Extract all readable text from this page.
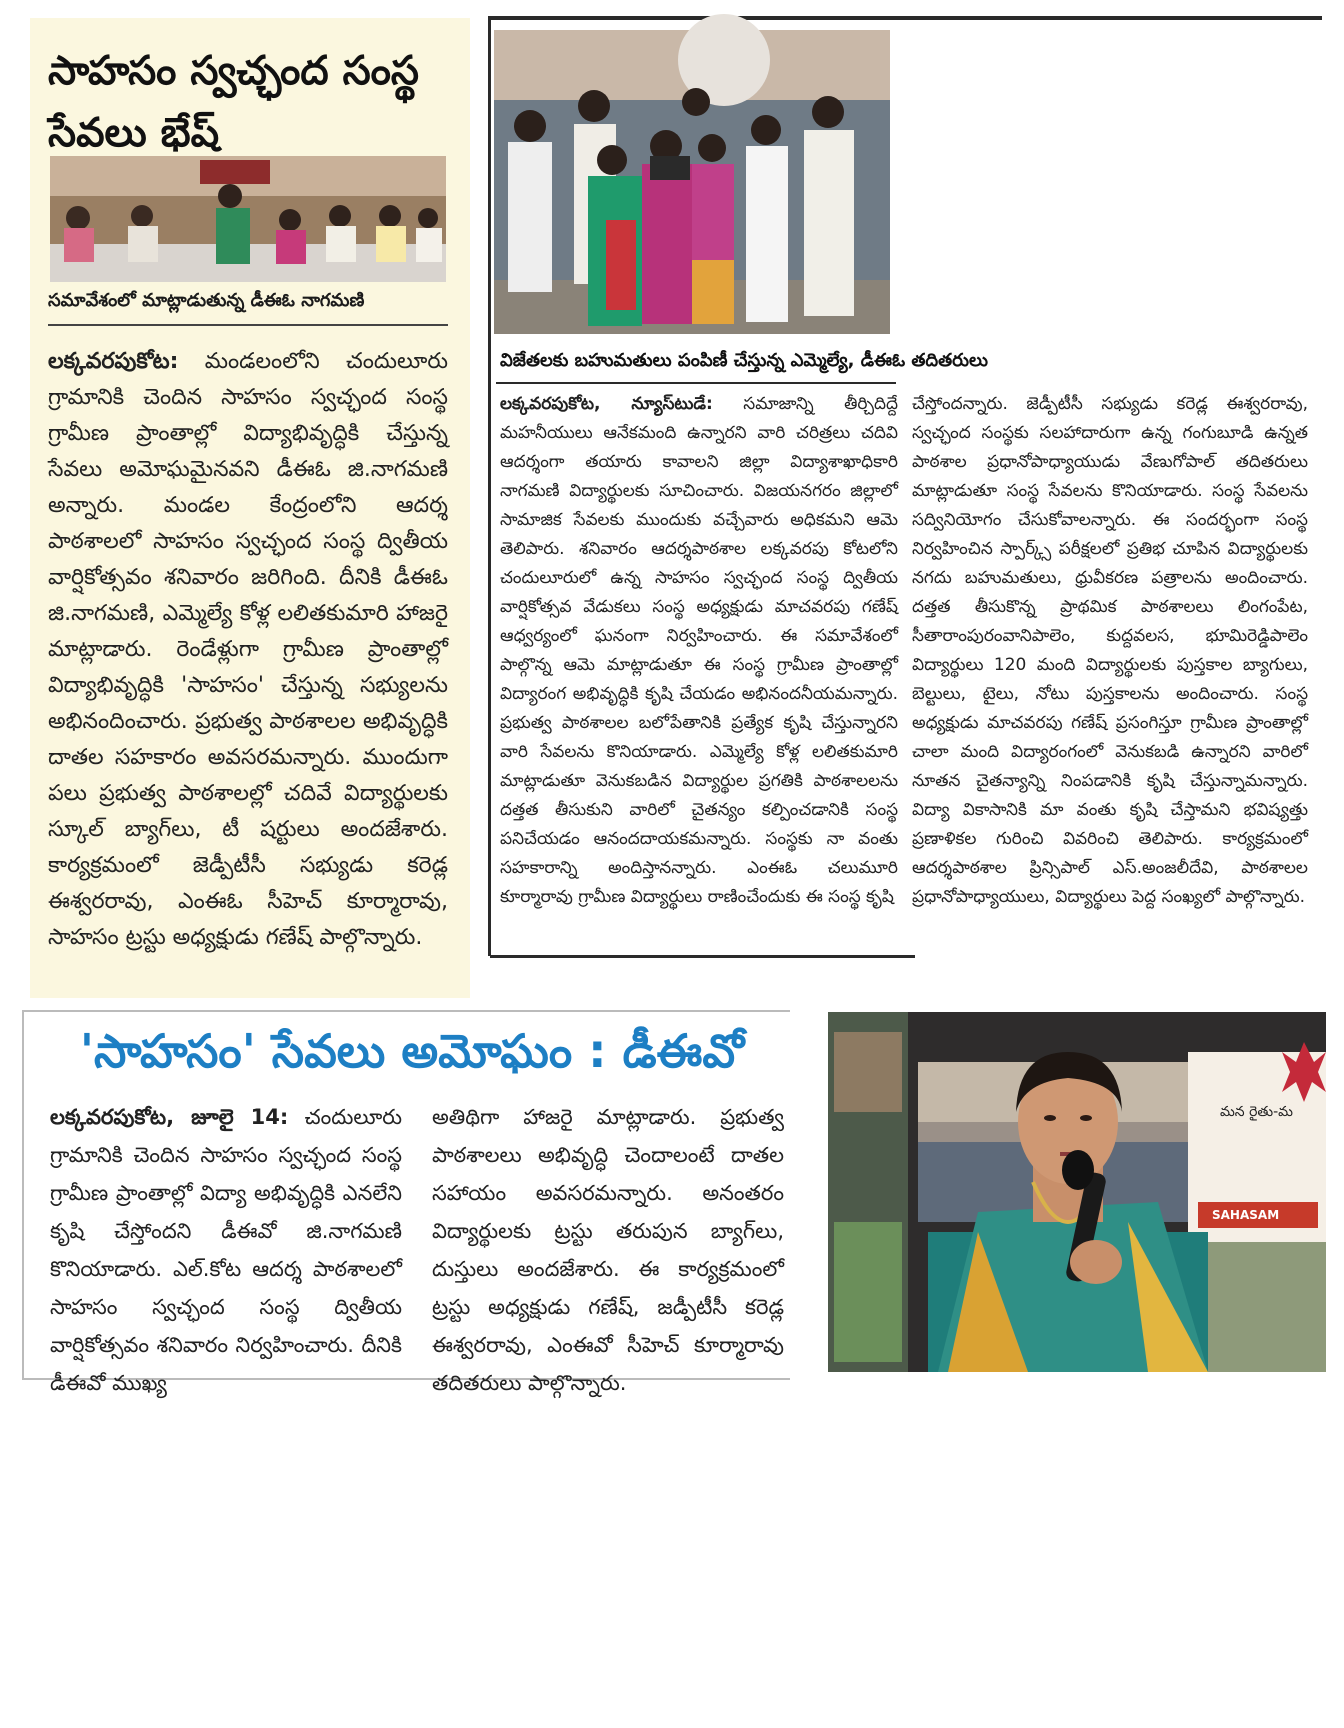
సాహసం స్వచ్ఛంద సంస్థ సేవలు భేష్
సమావేశంలో మాట్లాడుతున్న డీఈఓ నాగమణి
లక్కవరపుకోట: మండలంలోని చందులూరు గ్రామానికి చెందిన సాహసం స్వచ్ఛంద సంస్థ గ్రామీణ ప్రాంతాల్లో విద్యాభివృద్ధికి చేస్తున్న సేవలు అమోఘమైనవని డీఈఓ జి.నాగమణి అన్నారు. మండల కేంద్రంలోని ఆదర్శ పాఠశాలలో సాహసం స్వచ్ఛంద సంస్థ ద్వితీయ వార్షికోత్సవం శనివారం జరిగింది. దీనికి డీఈఓ జి.నాగమణి, ఎమ్మెల్యే కోళ్ల లలితకుమారి హాజరై మాట్లాడారు. రెండేళ్లుగా గ్రామీణ ప్రాంతాల్లో విద్యాభివృద్ధికి 'సాహసం' చేస్తున్న సభ్యులను అభినందించారు. ప్రభుత్వ పాఠశాలల అభివృద్ధికి దాతల సహకారం అవసరమన్నారు. ముందుగా పలు ప్రభుత్వ పాఠశాలల్లో చదివే విద్యార్థులకు స్కూల్ బ్యాగ్‌లు, టీ షర్టులు అందజేశారు. కార్యక్రమంలో జెడ్పీటీసీ సభ్యుడు కరెడ్ల ఈశ్వరరావు, ఎంఈఓ సీహెచ్ కూర్మారావు, సాహసం ట్రస్టు అధ్యక్షుడు గణేష్ పాల్గొన్నారు.
విజేతలకు బహుమతులు పంపిణీ చేస్తున్న ఎమ్మెల్యే, డీఈఓ తదితరులు
లక్కవరపుకోట, న్యూస్‌టుడే: సమాజాన్ని తీర్చిదిద్దే మహనీయులు ఆనేకమంది ఉన్నారని వారి చరిత్రలు చదివి ఆదర్శంగా తయారు కావాలని జిల్లా విద్యాశాఖాధికారి నాగమణి విద్యార్థులకు సూచించారు. విజయనగరం జిల్లాలో సామాజిక సేవలకు ముందుకు వచ్చేవారు అధికమని ఆమె తెలిపారు. శనివారం ఆదర్శపాఠశాల లక్కవరపు కోటలోని చందులూరులో ఉన్న సాహసం స్వచ్ఛంద సంస్థ ద్వితీయ వార్షికోత్సవ వేడుకలు సంస్థ అధ్యక్షుడు మాచవరపు గణేష్ ఆధ్వర్యంలో ఘనంగా నిర్వహించారు. ఈ సమావేశంలో పాల్గొన్న ఆమె మాట్లాడుతూ ఈ సంస్థ గ్రామీణ ప్రాంతాల్లో విద్యారంగ అభివృద్ధికి కృషి చేయడం అభినందనీయమన్నారు. ప్రభుత్వ పాఠశాలల బలోపేతానికి ప్రత్యేక కృషి చేస్తున్నారని వారి సేవలను కొనియాడారు. ఎమ్మెల్యే కోళ్ల లలితకుమారి మాట్లాడుతూ వెనుకబడిన విద్యార్థుల ప్రగతికి పాఠశాలలను దత్తత తీసుకుని వారిలో చైతన్యం కల్పించడానికి సంస్థ పనిచేయడం ఆనందదాయకమన్నారు. సంస్థకు నా వంతు సహకారాన్ని అందిస్తానన్నారు. ఎంఈఓ చలుమూరి కూర్మారావు గ్రామీణ విద్యార్థులు రాణించేందుకు ఈ సంస్థ కృషి
చేస్తోందన్నారు. జెడ్పీటీసీ సభ్యుడు కరెడ్ల ఈశ్వరరావు, స్వచ్ఛంద సంస్థకు సలహాదారుగా ఉన్న గంగుబూడి ఉన్నత పాఠశాల ప్రధానోపాధ్యాయుడు వేణుగోపాల్ తదితరులు మాట్లాడుతూ సంస్థ సేవలను కొనియాడారు. సంస్థ సేవలను సద్వినియోగం చేసుకోవాలన్నారు. ఈ సందర్భంగా సంస్థ నిర్వహించిన స్పార్క్స్ పరీక్షలలో ప్రతిభ చూపిన విద్యార్థులకు నగదు బహుమతులు, ధ్రువీకరణ పత్రాలను అందించారు. దత్తత తీసుకొన్న ప్రాథమిక పాఠశాలలు లింగంపేట, సీతారాంపురంవానిపాలెం, కుద్దవలస, భూమిరెడ్డిపాలెం విద్యార్థులు 120 మంది విద్యార్థులకు పుస్తకాల బ్యాగులు, బెల్టులు, టైలు, నోటు పుస్తకాలను అందించారు. సంస్థ అధ్యక్షుడు మాచవరపు గణేష్ ప్రసంగిస్తూ గ్రామీణ ప్రాంతాల్లో చాలా మంది విద్యారంగంలో వెనుకబడి ఉన్నారని వారిలో నూతన చైతన్యాన్ని నింపడానికి కృషి చేస్తున్నామన్నారు. విద్యా వికాసానికి మా వంతు కృషి చేస్తామని భవిష్యత్తు ప్రణాళికల గురించి వివరించి తెలిపారు. కార్యక్రమంలో ఆదర్శపాఠశాల ప్రిన్సిపాల్ ఎస్.అంజలీదేవి, పాఠశాలల ప్రధానోపాధ్యాయులు, విద్యార్థులు పెద్ద సంఖ్యలో పాల్గొన్నారు.
'సాహసం' సేవలు అమోఘం : డీఈవో
లక్కవరపుకోట, జూలై 14: చందులూరు గ్రామానికి చెందిన సాహసం స్వచ్ఛంద సంస్థ గ్రామీణ ప్రాంతాల్లో విద్యా అభివృద్ధికి ఎనలేని కృషి చేస్తోందని డీఈవో జి.నాగమణి కొనియాడారు. ఎల్.కోట ఆదర్శ పాఠశాలలో సాహసం స్వచ్ఛంద సంస్థ ద్వితీయ వార్షికోత్సవం శనివారం నిర్వహించారు. దీనికి డీఈవో ముఖ్య
అతిథిగా హాజరై మాట్లాడారు. ప్రభుత్వ పాఠశాలలు అభివృద్ధి చెందాలంటే దాతల సహాయం అవసరమన్నారు. అనంతరం విద్యార్థులకు ట్రస్టు తరుపున బ్యాగ్‌లు, దుస్తులు అందజేశారు. ఈ కార్యక్రమంలో ట్రస్టు అధ్యక్షుడు గణేష్, జడ్పీటీసీ కరెడ్ల ఈశ్వరరావు, ఎంఈవో సీహెచ్ కూర్మారావు తదితరులు పాల్గొన్నారు.
మన రైతు-మ
SAHASAM
